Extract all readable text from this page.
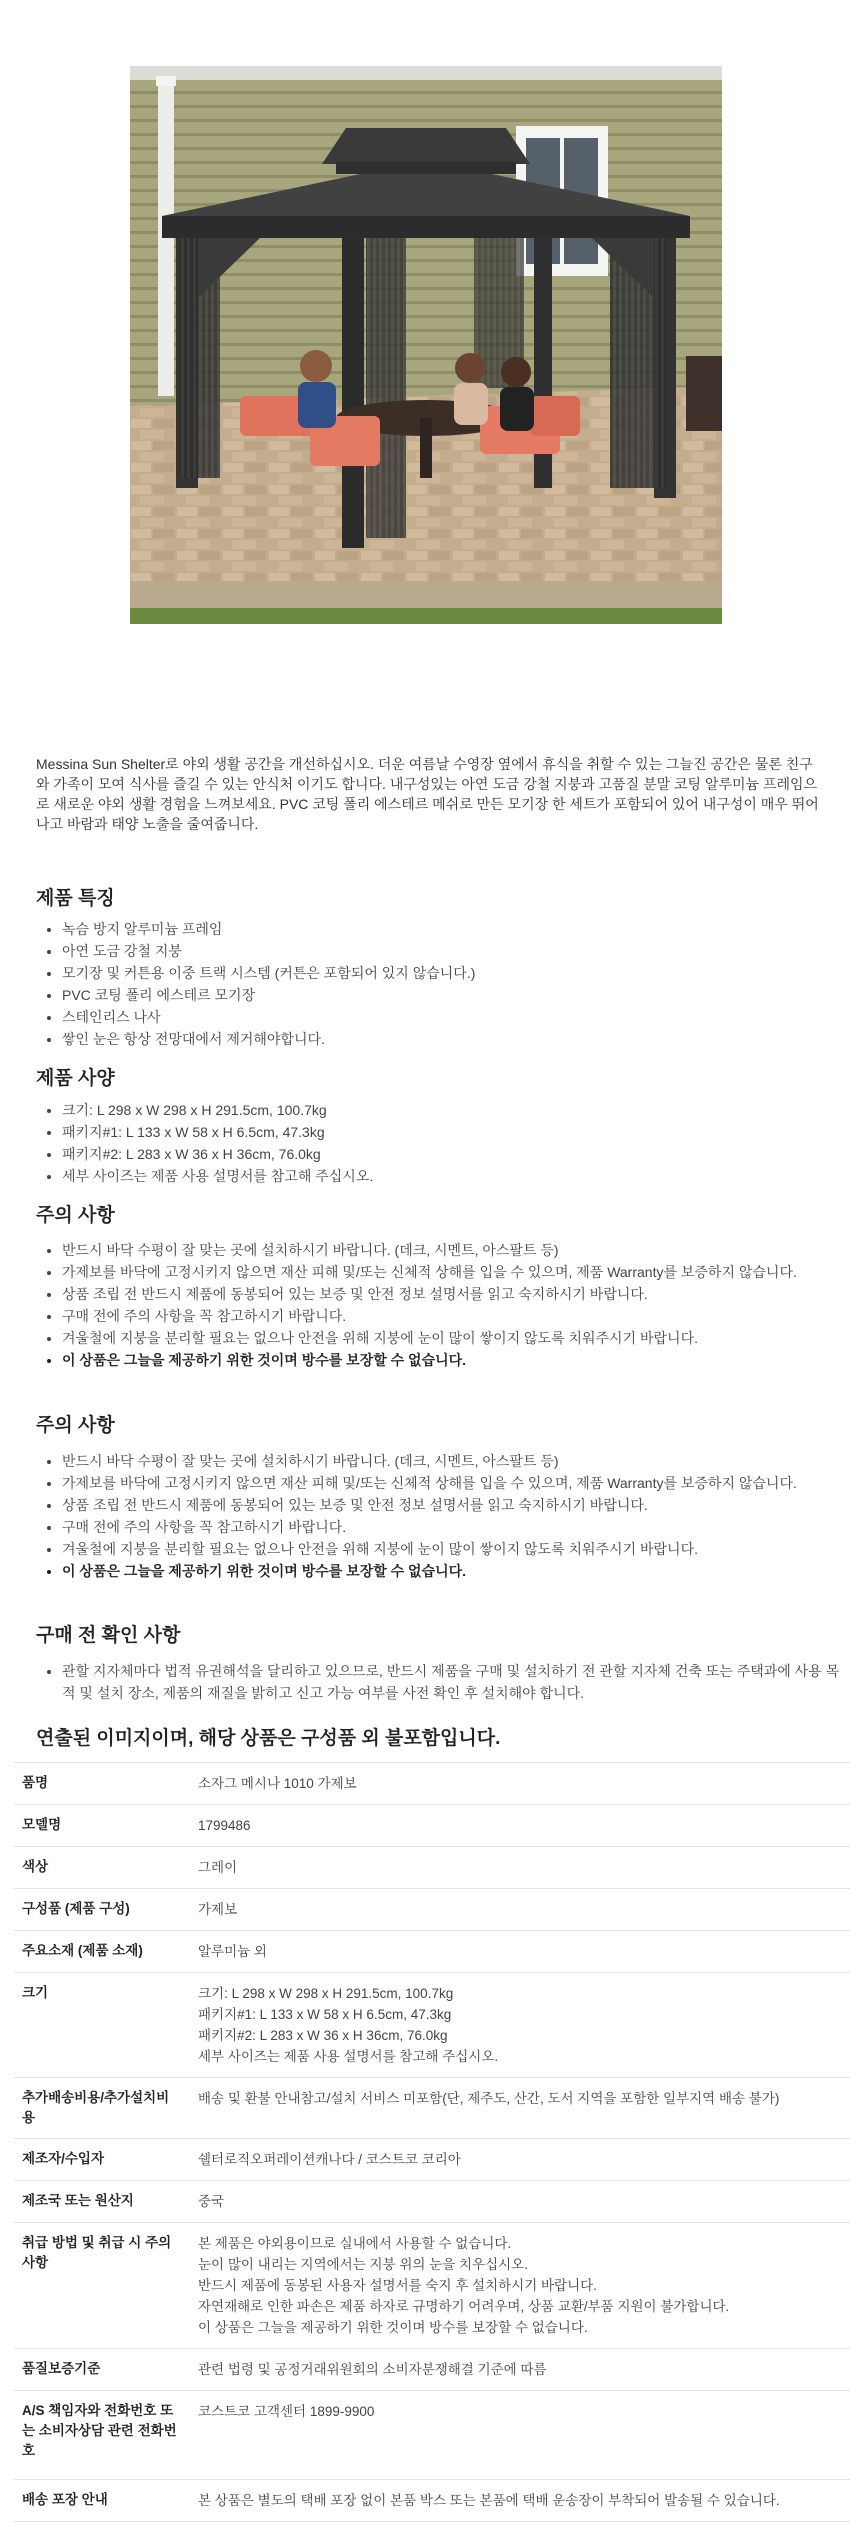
Messina Sun Shelter로 야외 생활 공간을 개선하십시오. 더운 여름날 수영장 옆에서 휴식을 취할 수 있는 그늘진 공간은 물론 친구와 가족이 모여 식사를 즐길 수 있는 안식처 이기도 합니다. 내구성있는 아연 도금 강철 지붕과 고품질 분말 코팅 알루미늄 프레임으로 새로운 야외 생활 경험을 느껴보세요. PVC 코팅 폴리 에스테르 메쉬로 만든 모기장 한 세트가 포함되어 있어 내구성이 매우 뛰어나고 바람과 태양 노출을 줄여줍니다.

제품 특징
• 녹슴 방지 알루미늄 프레임
• 아연 도금 강철 지붕
• 모기장 및 커튼용 이중 트랙 시스템 (커튼은 포함되어 있지 않습니다.)
• PVC 코팅 폴리 에스테르 모기장
• 스테인리스 나사
• 쌓인 눈은 항상 전망대에서 제거해야합니다.
제품 사양
• 크기: L 298 x W 298 x H 291.5cm, 100.7kg
• 패키지#1: L 133 x W 58 x H 6.5cm, 47.3kg
• 패키지#2: L 283 x W 36 x H 36cm, 76.0kg
• 세부 사이즈는 제품 사용 설명서를 참고해 주십시오.
주의 사항
• 반드시 바닥 수평이 잘 맞는 곳에 설치하시기 바랍니다. (데크, 시멘트, 아스팔트 등)
• 가제보를 바닥에 고정시키지 않으면 재산 피해 및/또는 신체적 상해를 입을 수 있으며, 제품 Warranty를 보증하지 않습니다.
• 상품 조립 전 반드시 제품에 동봉되어 있는 보증 및 안전 정보 설명서를 읽고 숙지하시기 바랍니다.
• 구매 전에 주의 사항을 꼭 참고하시기 바랍니다.
• 겨울철에 지붕을 분리할 필요는 없으나 안전을 위해 지붕에 눈이 많이 쌓이지 않도록 치워주시기 바랍니다.
• 이 상품은 그늘을 제공하기 위한 것이며 방수를 보장할 수 없습니다.
주의 사항
• 반드시 바닥 수평이 잘 맞는 곳에 설치하시기 바랍니다. (데크, 시멘트, 아스팔트 등)
• 가제보를 바닥에 고정시키지 않으면 재산 피해 및/또는 신체적 상해를 입을 수 있으며, 제품 Warranty를 보증하지 않습니다.
• 상품 조립 전 반드시 제품에 동봉되어 있는 보증 및 안전 정보 설명서를 읽고 숙지하시기 바랍니다.
• 구매 전에 주의 사항을 꼭 참고하시기 바랍니다.
• 겨울철에 지붕을 분리할 필요는 없으나 안전을 위해 지붕에 눈이 많이 쌓이지 않도록 치워주시기 바랍니다.
• 이 상품은 그늘을 제공하기 위한 것이며 방수를 보장할 수 없습니다.
구매 전 확인 사항
• 관할 지자체마다 법적 유권해석을 달리하고 있으므로, 반드시 제품을 구매 및 설치하기 전 관할 지자체 건축 또는 주택과에 사용 목적 및 설치 장소, 제품의 재질을 밝히고 신고 가능 여부를 사전 확인 후 설치해야 합니다.
연출된 이미지이며, 해당 상품은 구성품 외 불포함입니다.
품명	소자그 메시나 1010 가제보

모델명	1799486

색상	그레이

구성품 (제품 구성)	가제보

주요소재 (제품 소재)	알루미늄 외

크기	크기: L 298 x W 298 x H 291.5cm, 100.7kg
패키지#1: L 133 x W 58 x H 6.5cm, 47.3kg
패키지#2: L 283 x W 36 x H 36cm, 76.0kg
세부 사이즈는 제품 사용 설명서를 참고해 주십시오.

추가배송비용/추가설치비용	배송 및 환불 안내참고/설치 서비스 미포함(단, 제주도, 산간, 도서 지역을 포함한 일부지역 배송 불가)

제조자/수입자	쉘터로직오퍼레이션캐나다 / 코스트코 코리아

제조국 또는 원산지	중국

취급 방법 및 취급 시 주의사항	본 제품은 야외용이므로 실내에서 사용할 수 없습니다.
눈이 많이 내리는 지역에서는 지붕 위의 눈을 치우십시오.
반드시 제품에 동봉된 사용자 설명서를 숙지 후 설치하시기 바랍니다.
자연재해로 인한 파손은 제품 하자로 규명하기 어려우며, 상품 교환/부품 지원이 불가합니다.
이 상품은 그늘을 제공하기 위한 것이며 방수를 보장할 수 없습니다.

품질보증기준	관련 법령 및 공정거래위원회의 소비자분쟁해결 기준에 따름

A/S 책임자와 전화번호 또는 소비자상담 관련 전화번호	코스트코 고객센터 1899-9900

배송 포장 안내	본 상품은 별도의 택배 포장 없이 본품 박스 또는 본품에 택배 운송장이 부착되어 발송될 수 있습니다.
